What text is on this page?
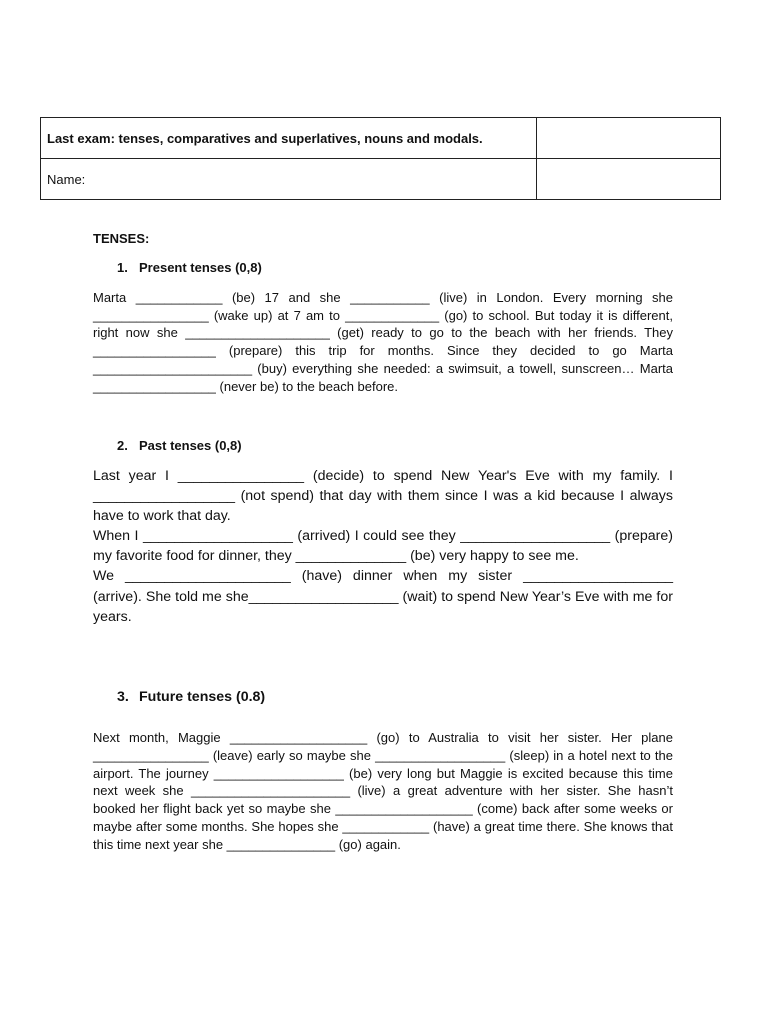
Last exam: tenses, comparatives and superlatives, nouns and modals.	
Name:	
TENSES:
1. Present tenses (0,8)

Marta ____________ (be) 17 and she ___________ (live) in London. Every morning she ________________ (wake up) at 7 am to _____________ (go) to school. But today it is different, right now she ____________________ (get) ready to go to the beach with her friends. They _________________ (prepare) this trip for months. Since they decided to go Marta ______________________ (buy) everything she needed: a swimsuit, a towell, sunscreen… Marta _________________ (never be) to the beach before.

2. Past tenses (0,8)

Last year I ________________ (decide) to spend New Year's Eve with my family. I __________________ (not spend) that day with them since I was a kid because I always have to work that day.

When I ___________________ (arrived) I could see they ___________________ (prepare) my favorite food for dinner, they ______________ (be) very happy to see me.

We _____________________ (have) dinner when my sister ___________________ (arrive). She told me she___________________ (wait) to spend New Year’s Eve with me for years.

3. Future tenses (0.8)

Next month, Maggie ___________________ (go) to Australia to visit her sister. Her plane ________________ (leave) early so maybe she __________________ (sleep) in a hotel next to the airport. The journey __________________ (be) very long but Maggie is excited because this time next week she ______________________ (live) a great adventure with her sister. She hasn’t booked her flight back yet so maybe she ___________________ (come) back after some weeks or maybe after some months. She hopes she ____________ (have) a great time there. She knows that this time next year she _______________ (go) again.
